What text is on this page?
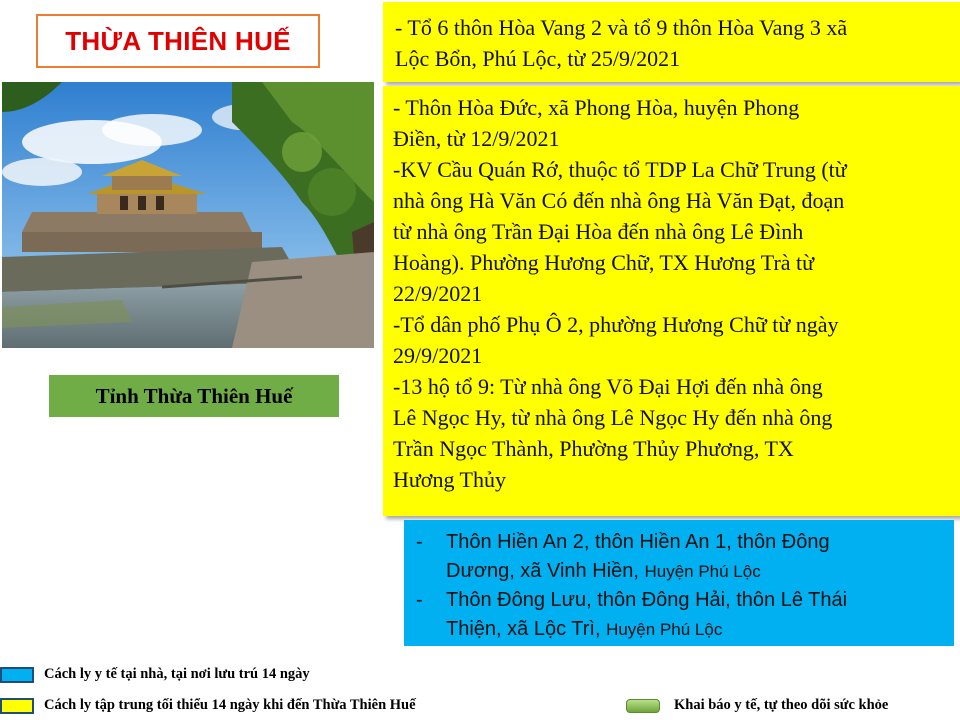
THỪA THIÊN HUẾ
Tỉnh Thừa Thiên Huế
- Tổ 6 thôn Hòa Vang 2 và tổ 9 thôn Hòa Vang 3 xã
Lộc Bổn, Phú Lộc, từ 25/9/2021
- Thôn Hòa Đức, xã Phong Hòa, huyện Phong
Điền, từ 12/9/2021
-KV Cầu Quán Rớ, thuộc tổ TDP La Chữ Trung (từ
nhà ông Hà Văn Có đến nhà ông Hà Văn Đạt, đoạn
từ nhà ông Trần Đại Hòa đến nhà ông Lê Đình
Hoàng). Phường Hương Chữ, TX Hương Trà từ
22/9/2021
-Tổ dân phố Phụ Ô 2, phường Hương Chữ từ ngày
29/9/2021
-13 hộ tổ 9: Từ nhà ông Võ Đại Hợi đến nhà ông
Lê Ngọc Hy, từ nhà ông Lê Ngọc Hy đến nhà ông
Trần Ngọc Thành, Phường Thủy Phương, TX
Hương Thủy
-	Thôn Hiền An 2, thôn Hiền An 1, thôn Đông
Dương, xã Vinh Hiền, Huyện Phú Lộc
-	Thôn Đông Lưu, thôn Đông Hải, thôn Lê Thái
Thiện, xã Lộc Trì, Huyện Phú Lộc
Cách ly y tế tại nhà, tại nơi lưu trú 14 ngày
Cách ly tập trung tối thiểu 14 ngày khi đến Thừa Thiên Huế	Khai báo y tế, tự theo dõi sức khỏe
